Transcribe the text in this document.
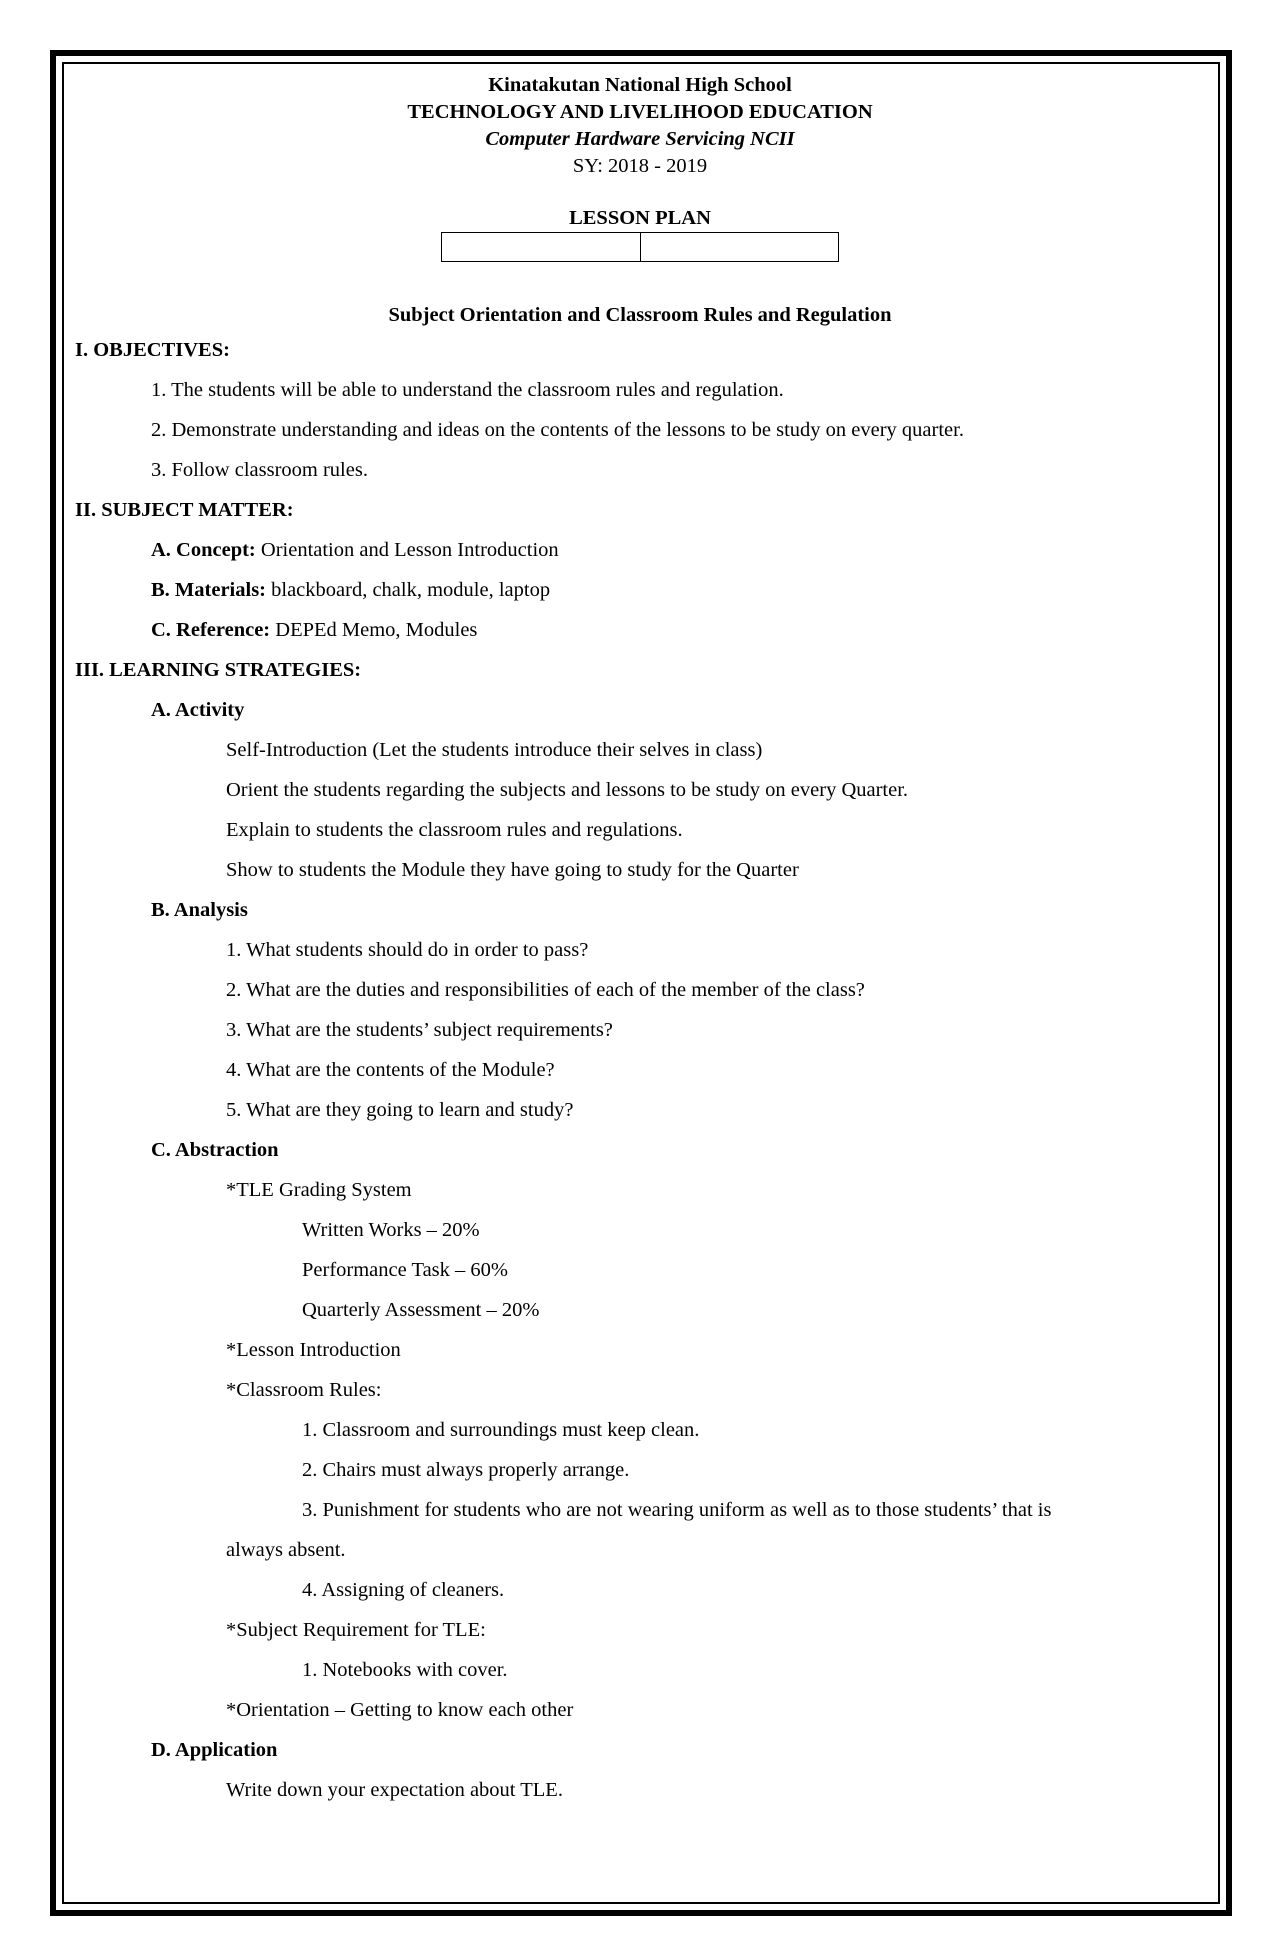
Kinatakutan National High School
TECHNOLOGY AND LIVELIHOOD EDUCATION
Computer Hardware Servicing NCII
SY: 2018 - 2019
LESSON PLAN

Subject Orientation and Classroom Rules and Regulation
I. OBJECTIVES:
1. The students will be able to understand the classroom rules and regulation.
2. Demonstrate understanding and ideas on the contents of the lessons to be study on every quarter.
3. Follow classroom rules.
II. SUBJECT MATTER:
A. Concept: Orientation and Lesson Introduction
B. Materials: blackboard, chalk, module, laptop
C. Reference: DEPEd Memo, Modules
III. LEARNING STRATEGIES:
A. Activity
Self-Introduction (Let the students introduce their selves in class)
Orient the students regarding the subjects and lessons to be study on every Quarter.
Explain to students the classroom rules and regulations.
Show to students the Module they have going to study for the Quarter
B. Analysis
1. What students should do in order to pass?
2. What are the duties and responsibilities of each of the member of the class?
3. What are the students’ subject requirements?
4. What are the contents of the Module?
5. What are they going to learn and study?
C. Abstraction
*TLE Grading System
Written Works – 20%
Performance Task – 60%
Quarterly Assessment – 20%
*Lesson Introduction
*Classroom Rules:
1. Classroom and surroundings must keep clean.
2. Chairs must always properly arrange.
3. Punishment for students who are not wearing uniform as well as to those students’ that is
always absent.
4. Assigning of cleaners.
*Subject Requirement for TLE:
1. Notebooks with cover.
*Orientation – Getting to know each other
D. Application
Write down your expectation about TLE.
